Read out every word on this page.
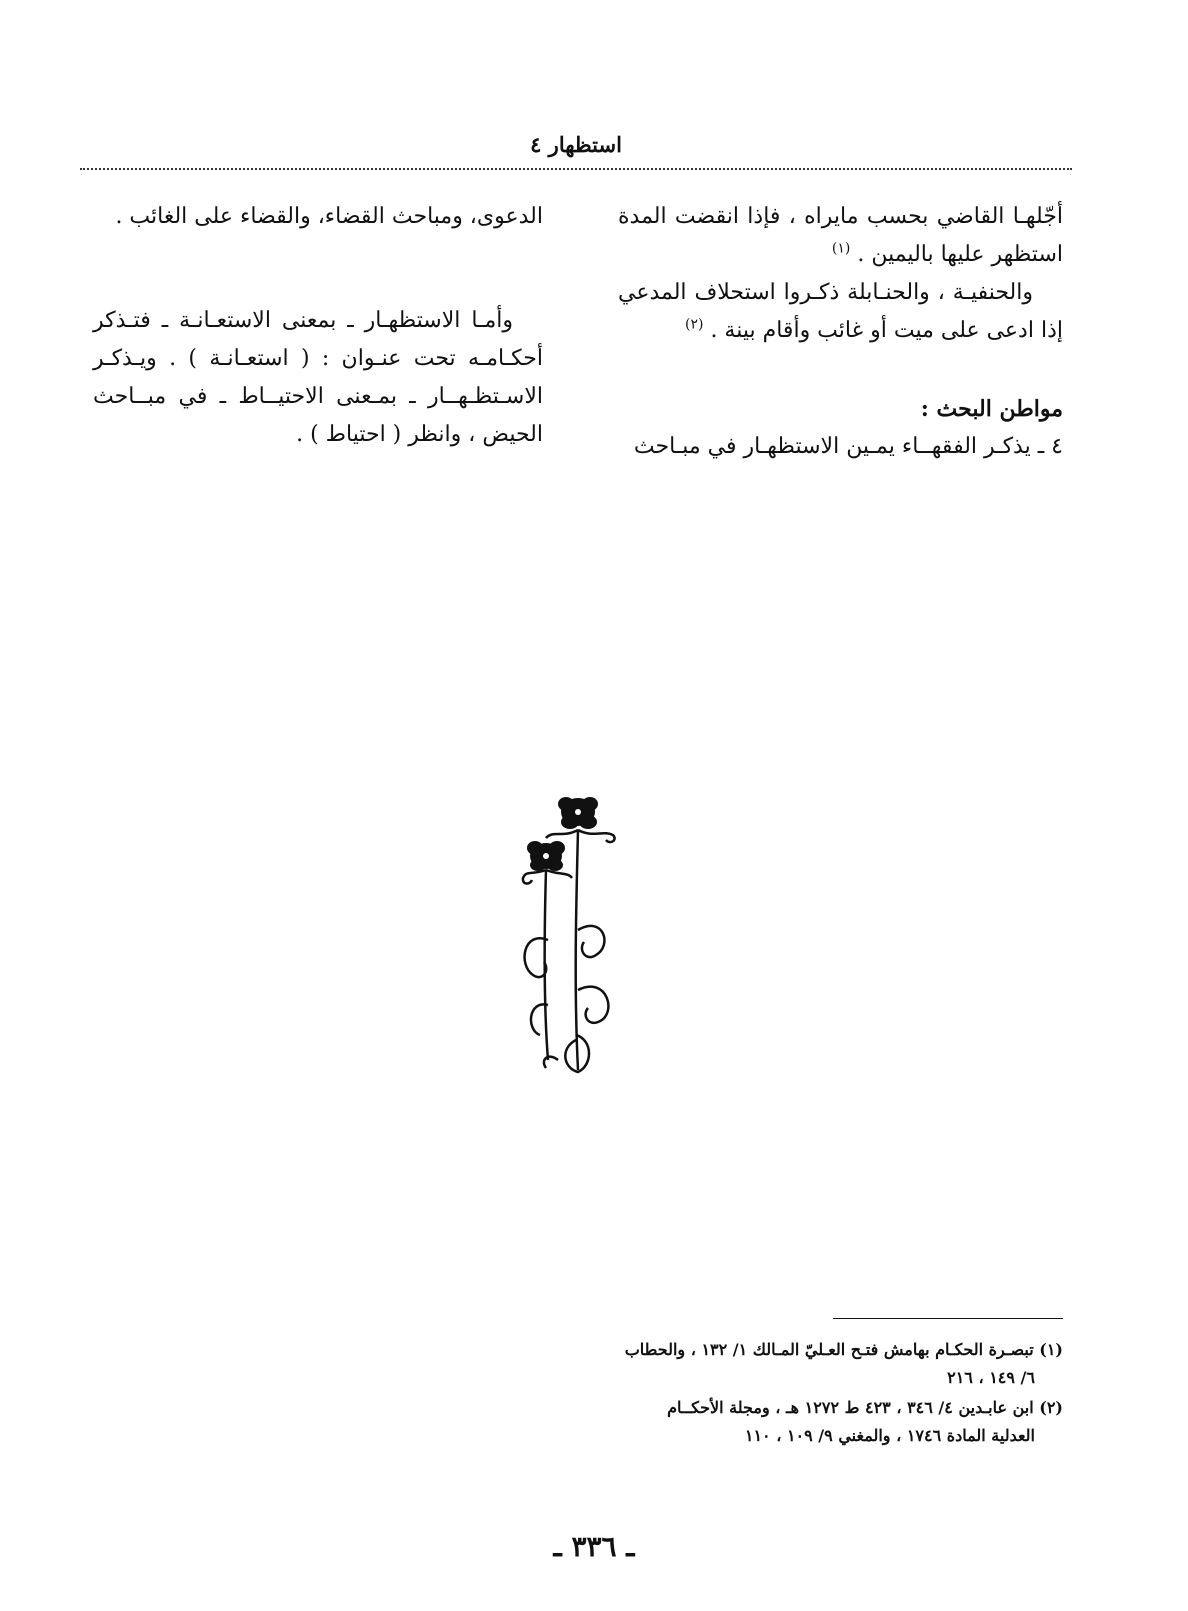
استظهار ٤

أجّلهـا القاضي بحسب مايراه ، فإذا انقضت المدة استظهر عليها باليمين . $^{(١)}$

والحنفيـة ، والحنـابلة ذكـروا استحلاف المدعي إذا ادعى على ميت أو غائب وأقام بينة . $^{(٢)}$

مواطن البحث :

٤ ـ يذكـر الفقهــاء يمـين الاستظهـار في مبـاحث

الدعوى، ومباحث القضاء، والقضاء على الغائب .

وأمـا الاستظهـار ـ بمعنى الاستعـانـة ـ فتـذكر أحكـامـه تحت عنـوان : ( استعـانـة ) . ويـذكـر الاسـتظـهــار ـ بمـعنى الاحتيــاط ـ في مبــاحث الحيض ، وانظر ( احتياط ) .

(١) تبصـرة الحكـام بهامش فتـح العـليّ المـالك ١/ ١٣٢ ، والحطاب
٦/ ١٤٩ ، ٢١٦

(٢) ابن عابـدين ٤/ ٣٤٦ ، ٤٢٣ ط ١٢٧٢ هـ ، ومجلة الأحكــام
العدلية المادة ١٧٤٦ ، والمغني ٩/ ١٠٩ ، ١١٠

ـ ٣٣٦ ـ
